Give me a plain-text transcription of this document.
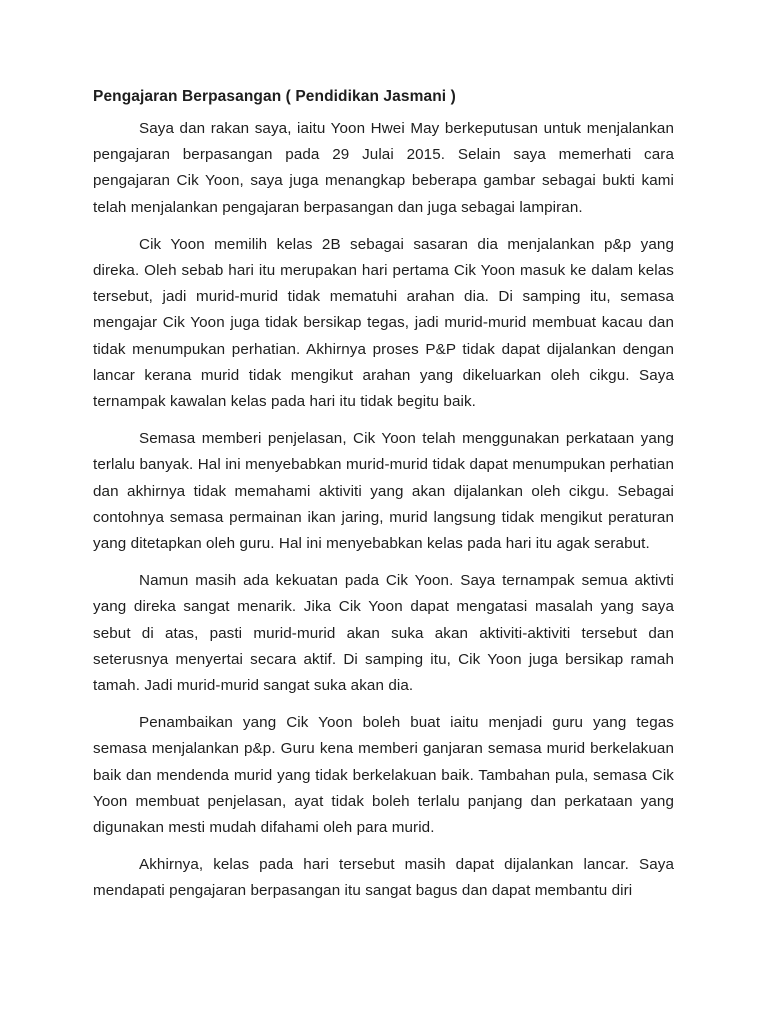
Pengajaran Berpasangan ( Pendidikan Jasmani )

Saya dan rakan saya, iaitu Yoon Hwei May berkeputusan untuk menjalankan pengajaran berpasangan pada 29 Julai 2015. Selain saya memerhati cara pengajaran Cik Yoon, saya juga menangkap beberapa gambar sebagai bukti kami telah menjalankan pengajaran berpasangan dan juga sebagai lampiran.

Cik Yoon memilih kelas 2B sebagai sasaran dia menjalankan p&p yang direka. Oleh sebab hari itu merupakan hari pertama Cik Yoon masuk ke dalam kelas tersebut, jadi murid-murid tidak mematuhi arahan dia. Di samping itu, semasa mengajar Cik Yoon juga tidak bersikap tegas, jadi murid-murid membuat kacau dan tidak menumpukan perhatian. Akhirnya proses P&P tidak dapat dijalankan dengan lancar kerana murid tidak mengikut arahan yang dikeluarkan oleh cikgu. Saya ternampak kawalan kelas pada hari itu tidak begitu baik.

Semasa memberi penjelasan, Cik Yoon telah menggunakan perkataan yang terlalu banyak. Hal ini menyebabkan murid-murid tidak dapat menumpukan perhatian dan akhirnya tidak memahami aktiviti yang akan dijalankan oleh cikgu. Sebagai contohnya semasa permainan ikan jaring, murid langsung tidak mengikut peraturan yang ditetapkan oleh guru. Hal ini menyebabkan kelas pada hari itu agak serabut.

Namun masih ada kekuatan pada Cik Yoon. Saya ternampak semua aktivti yang direka sangat menarik. Jika Cik Yoon dapat mengatasi masalah yang saya sebut di atas, pasti murid-murid akan suka akan aktiviti-aktiviti tersebut dan seterusnya menyertai secara aktif. Di samping itu, Cik Yoon juga bersikap ramah tamah. Jadi murid-murid sangat suka akan dia.

Penambaikan yang Cik Yoon boleh buat iaitu menjadi guru yang tegas semasa menjalankan p&p. Guru kena memberi ganjaran semasa murid berkelakuan baik dan mendenda murid yang tidak berkelakuan baik. Tambahan pula, semasa Cik Yoon membuat penjelasan, ayat tidak boleh terlalu panjang dan perkataan yang digunakan mesti mudah difahami oleh para murid.

Akhirnya, kelas pada hari tersebut masih dapat dijalankan lancar. Saya mendapati pengajaran berpasangan itu sangat bagus dan dapat membantu diri
